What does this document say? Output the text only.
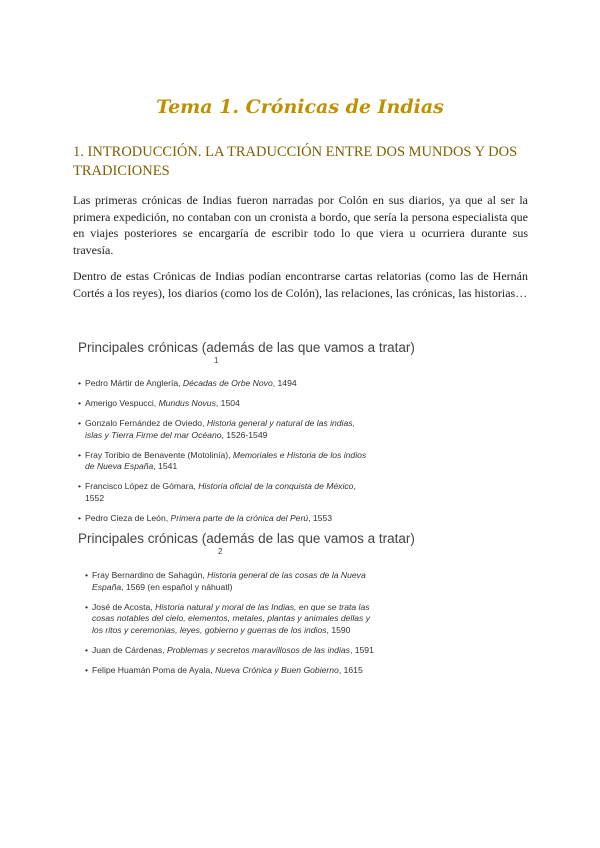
Tema 1. Crónicas de Indias
1. INTRODUCCIÓN. LA TRADUCCIÓN ENTRE DOS MUNDOS Y DOS TRADICIONES

Las primeras crónicas de Indias fueron narradas por Colón en sus diarios, ya que al ser la primera expedición, no contaban con un cronista a bordo, que sería la persona especialista que en viajes posteriores se encargaría de escribir todo lo que viera u ocurriera durante sus travesía.

Dentro de estas Crónicas de Indias podían encontrarse cartas relatorias (como las de Hernán Cortés a los reyes), los diarios (como los de Colón), las relaciones, las crónicas, las historias…

Principales crónicas (además de las que vamos a tratar)
1
• Pedro Mártir de Anglería, Décadas de Orbe Novo, 1494
• Amerigo Vespucci, Mundus Novus, 1504
• Gonzalo Fernández de Oviedo, Historia general y natural de las indias, islas y Tierra Firme del mar Océano, 1526-1549
• Fray Toribio de Benavente (Motolinía), Memoriales e Historia de los indios de Nueva España, 1541
• Francisco López de Gómara, Historia oficial de la conquista de México, 1552
• Pedro Cieza de León, Primera parte de la crónica del Perú, 1553
Principales crónicas (además de las que vamos a tratar)
2
• Fray Bernardino de Sahagún, Historia general de las cosas de la Nueva España, 1569 (en español y náhuatl)
• José de Acosta, Historia natural y moral de las Indias, en que se trata las cosas notables del cielo, elementos, metales, plantas y animales dellas y los ritos y ceremonias, leyes, gobierno y guerras de los indios, 1590
• Juan de Cárdenas, Problemas y secretos maravillosos de las indias, 1591
• Felipe Huamán Poma de Ayala, Nueva Crónica y Buen Gobierno, 1615
